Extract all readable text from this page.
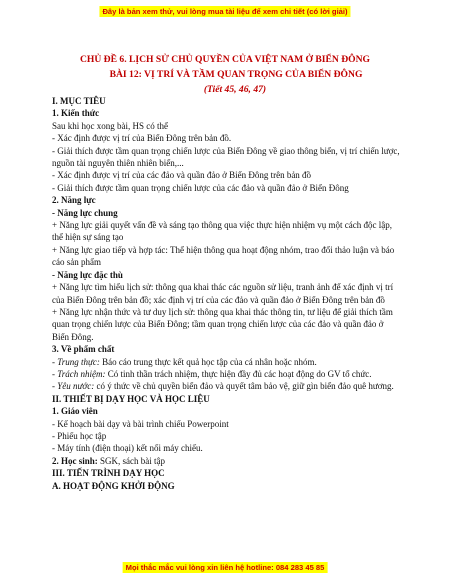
Đây là bản xem thử, vui lòng mua tài liệu để xem chi tiết (có lời giải)
CHỦ ĐỀ 6. LỊCH SỬ CHỦ QUYỀN CỦA VIỆT NAM Ở BIỂN ĐÔNG
BÀI 12: VỊ TRÍ VÀ TẦM QUAN TRỌNG CỦA BIỂN ĐÔNG
(Tiết 45, 46, 47)
I. MỤC TIÊU
1. Kiến thức
Sau khi học xong bài, HS có thể
- Xác định được vị trí của Biển Đông trên bản đồ.
- Giải thích được tầm quan trọng chiến lược của Biển Đông về giao thông biển, vị trí chiến lược, nguồn tài nguyên thiên nhiên biển,...
- Xác định được vị trí của các đảo và quần đảo ở Biển Đông trên bản đồ
- Giải thích được tầm quan trọng chiến lược của các đảo và quần đảo ở Biển Đông
2. Năng lực
- Năng lực chung
+ Năng lực giải quyết vấn đề và sáng tạo thông qua việc thực hiện nhiệm vụ một cách độc lập, thể hiện sự sáng tạo
+ Năng lực giao tiếp và hợp tác: Thể hiện thông qua hoạt động nhóm, trao đổi thảo luận và báo cáo sản phẩm
- Năng lực đặc thù
+ Năng lực tìm hiểu lịch sử: thông qua khai thác các nguồn sử liệu, tranh ảnh để xác định vị trí của Biển Đông trên bản đồ; xác định vị trí của các đảo và quần đảo ở Biển Đông trên bản đồ
+ Năng lực nhận thức và tư duy lịch sử: thông qua khai thác thông tin, tư liệu để giải thích tầm quan trọng chiến lược của Biển Đông; tầm quan trọng chiến lược của các đảo và quần đảo ở Biển Đông.
3. Về phẩm chất
- Trung thực: Báo cáo trung thực kết quả học tập của cá nhân hoặc nhóm.
- Trách nhiệm: Có tinh thần trách nhiệm, thực hiện đầy đủ các hoạt động do GV tổ chức.
- Yêu nước: có ý thức về chủ quyền biển đảo và quyết tâm bảo vệ, giữ gìn biển đảo quê hương.
II. THIẾT BỊ DẠY HỌC VÀ HỌC LIỆU
1. Giáo viên
- Kế hoạch bài dạy và bài trình chiếu Powerpoint
- Phiếu học tập
- Máy tính (điện thoại) kết nối máy chiếu.
2. Học sinh: SGK, sách bài tập
III. TIẾN TRÌNH DẠY HỌC
A. HOẠT ĐỘNG KHỞI ĐỘNG
Mọi thắc mắc vui lòng xin liên hệ hotline: 084 283 45 85
